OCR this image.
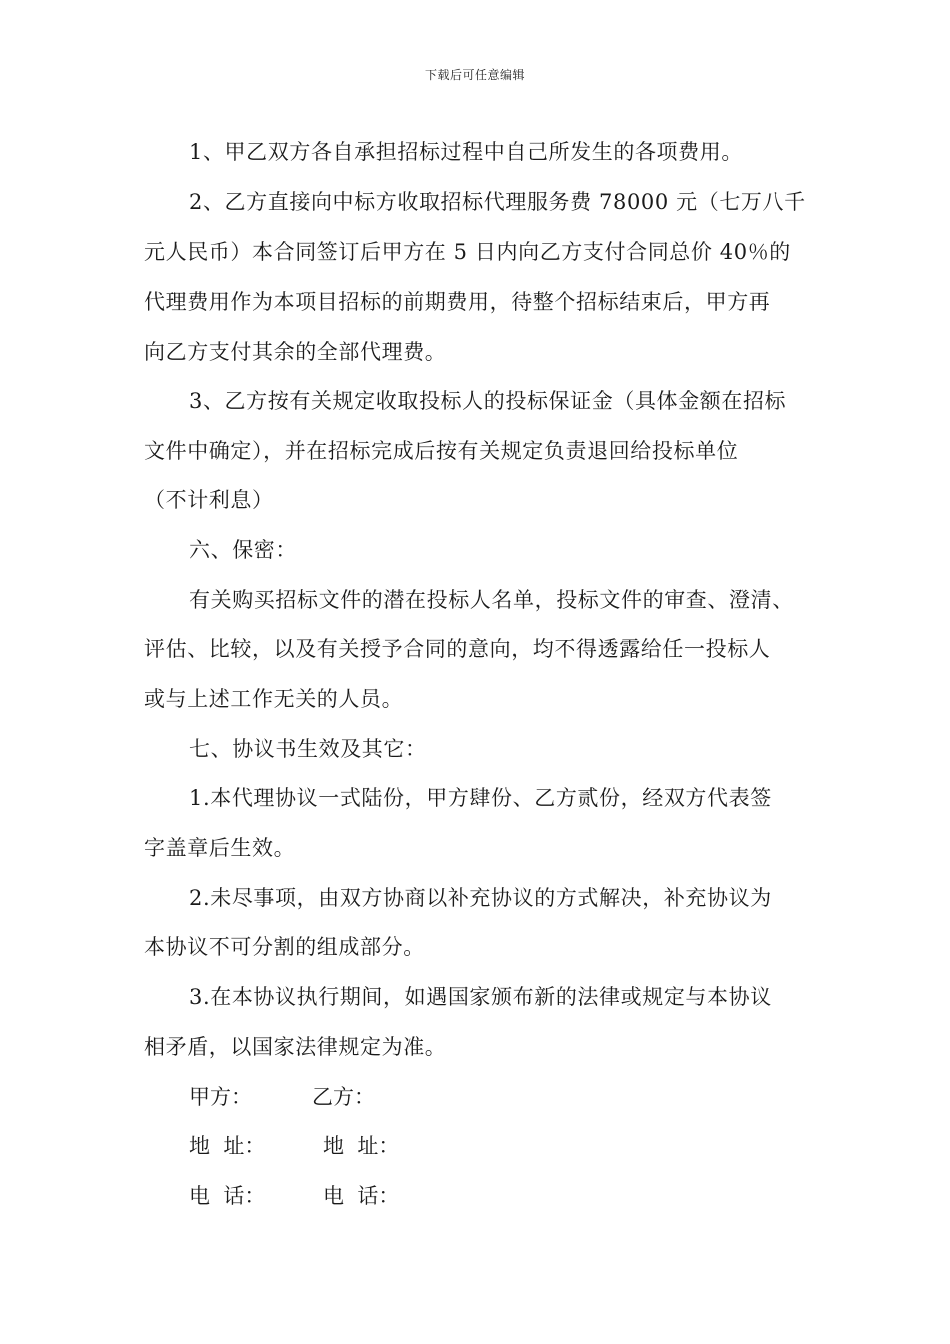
下载后可任意编辑
1、甲乙双方各自承担招标过程中自己所发生的各项费用。
2、乙方直接向中标方收取招标代理服务费 78000 元（七万八千
元人民币）本合同签订后甲方在 5 日内向乙方支付合同总价 40％的
代理费用作为本项目招标的前期费用，待整个招标结束后，甲方再
向乙方支付其余的全部代理费。
3、乙方按有关规定收取投标人的投标保证金（具体金额在招标
文件中确定），并在招标完成后按有关规定负责退回给投标单位
（不计利息）
六、保密：
有关购买招标文件的潜在投标人名单，投标文件的审查、澄清、
评估、比较，以及有关授予合同的意向，均不得透露给任一投标人
或与上述工作无关的人员。
七、协议书生效及其它：
1.本代理协议一式陆份，甲方肆份、乙方贰份，经双方代表签
字盖章后生效。
2.未尽事项，由双方协商以补充协议的方式解决，补充协议为
本协议不可分割的组成部分。
3.在本协议执行期间，如遇国家颁布新的法律或规定与本协议
相矛盾，以国家法律规定为准。
甲方：	乙方：
地  址：	地  址：
电  话：	电  话：
